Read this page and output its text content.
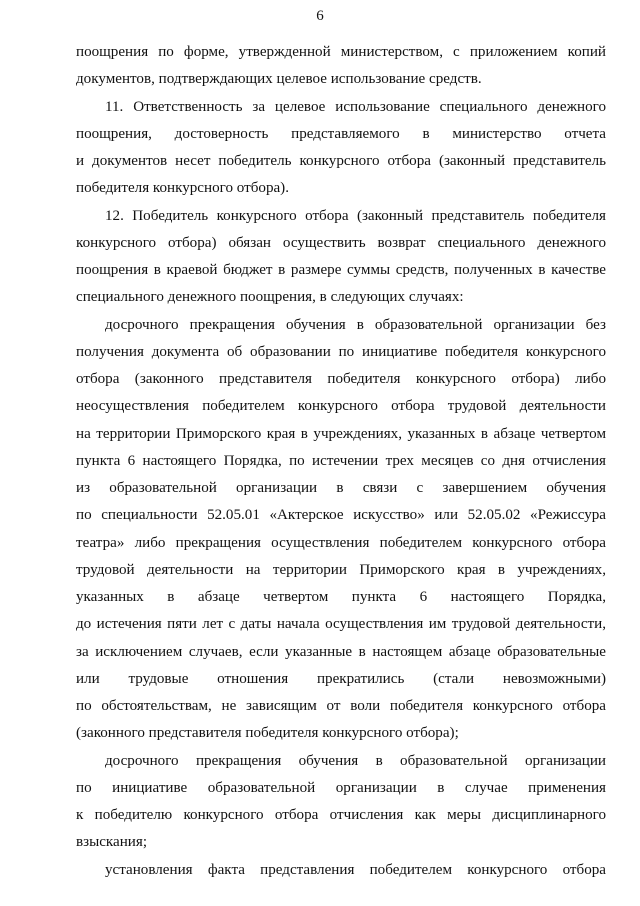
6

поощрения по форме, утвержденной министерством, с приложением копий
документов, подтверждающих целевое использование средств.

11. Ответственность за целевое использование специального денежного
поощрения, достоверность представляемого в министерство отчета
и документов несет победитель конкурсного отбора (законный представитель
победителя конкурсного отбора).

12. Победитель конкурсного отбора (законный представитель победителя
конкурсного отбора) обязан осуществить возврат специального денежного
поощрения в краевой бюджет в размере суммы средств, полученных в качестве
специального денежного поощрения, в следующих случаях:

досрочного прекращения обучения в образовательной организации без
получения документа об образовании по инициативе победителя конкурсного
отбора (законного представителя победителя конкурсного отбора) либо
неосуществления победителем конкурсного отбора трудовой деятельности
на территории Приморского края в учреждениях, указанных в абзаце четвертом
пункта 6 настоящего Порядка, по истечении трех месяцев со дня отчисления
из образовательной организации в связи с завершением обучения
по специальности 52.05.01 «Актерское искусство» или 52.05.02 «Режиссура
театра» либо прекращения осуществления победителем конкурсного отбора
трудовой деятельности на территории Приморского края в учреждениях,
указанных в абзаце четвертом пункта 6 настоящего Порядка,
до истечения пяти лет с даты начала осуществления им трудовой деятельности,
за исключением случаев, если указанные в настоящем абзаце образовательные
или трудовые отношения прекратились (стали невозможными)
по обстоятельствам, не зависящим от воли победителя конкурсного отбора
(законного представителя победителя конкурсного отбора);

досрочного прекращения обучения в образовательной организации
по инициативе образовательной организации в случае применения
к победителю конкурсного отбора отчисления как меры дисциплинарного
взыскания;

установления факта представления победителем конкурсного отбора
